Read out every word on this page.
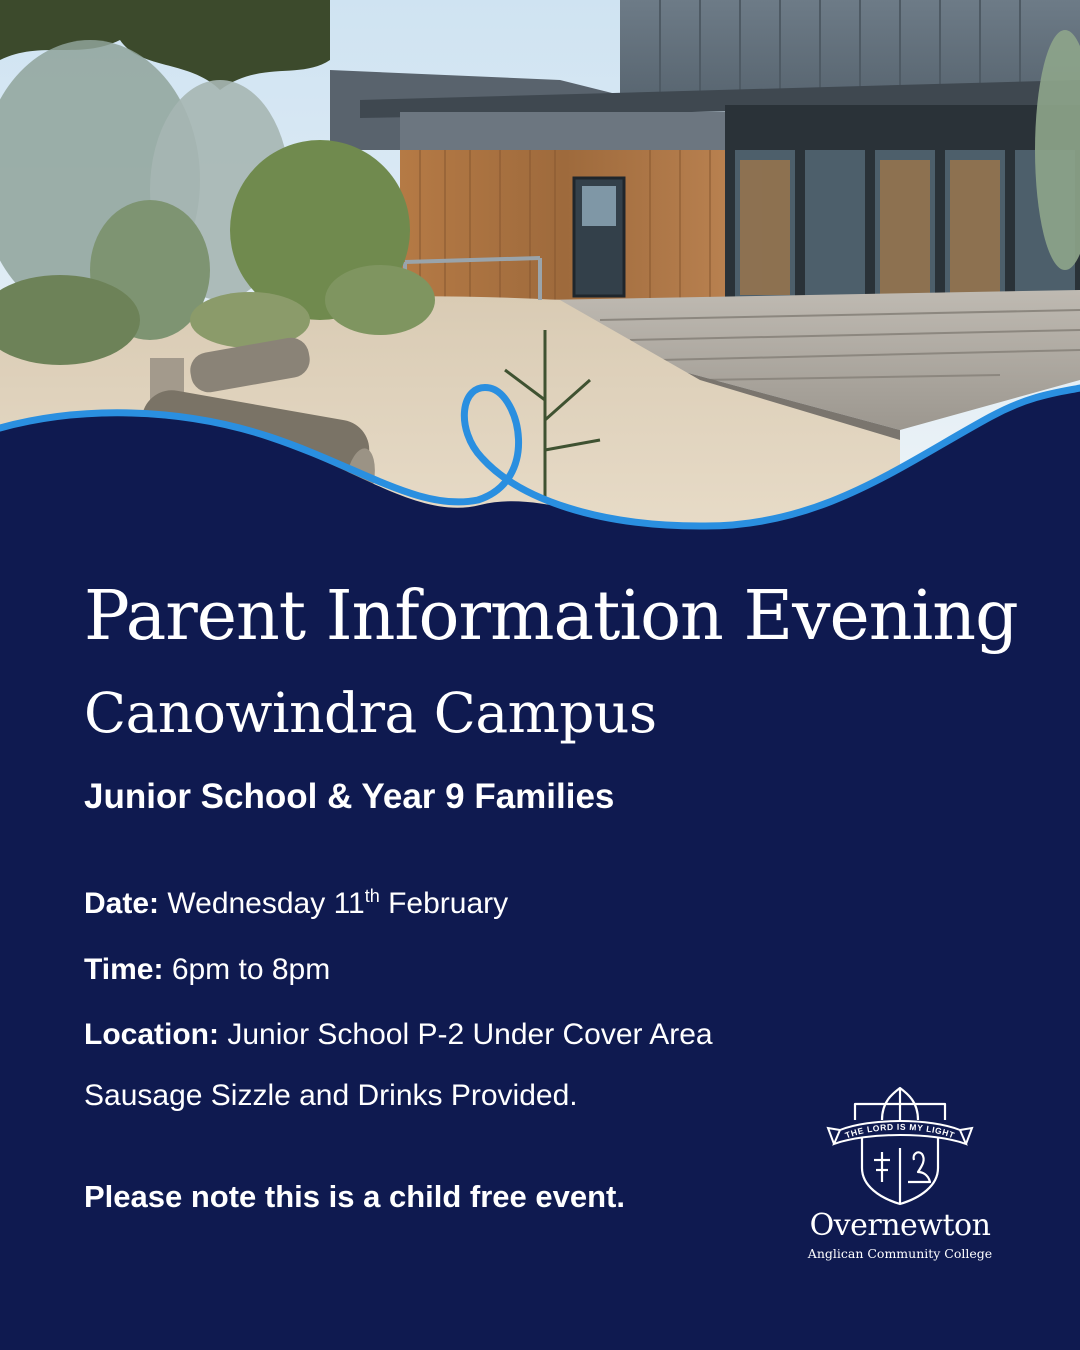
Parent Information Evening
Canowindra Campus

Junior School & Year 9 Families

Date: Wednesday 11th February

Time: 6pm to 8pm

Location: Junior School P-2 Under Cover Area

Sausage Sizzle and Drinks Provided.

Please note this is a child free event.

THE LORD IS MY LIGHT
Overnewton
Anglican Community College
